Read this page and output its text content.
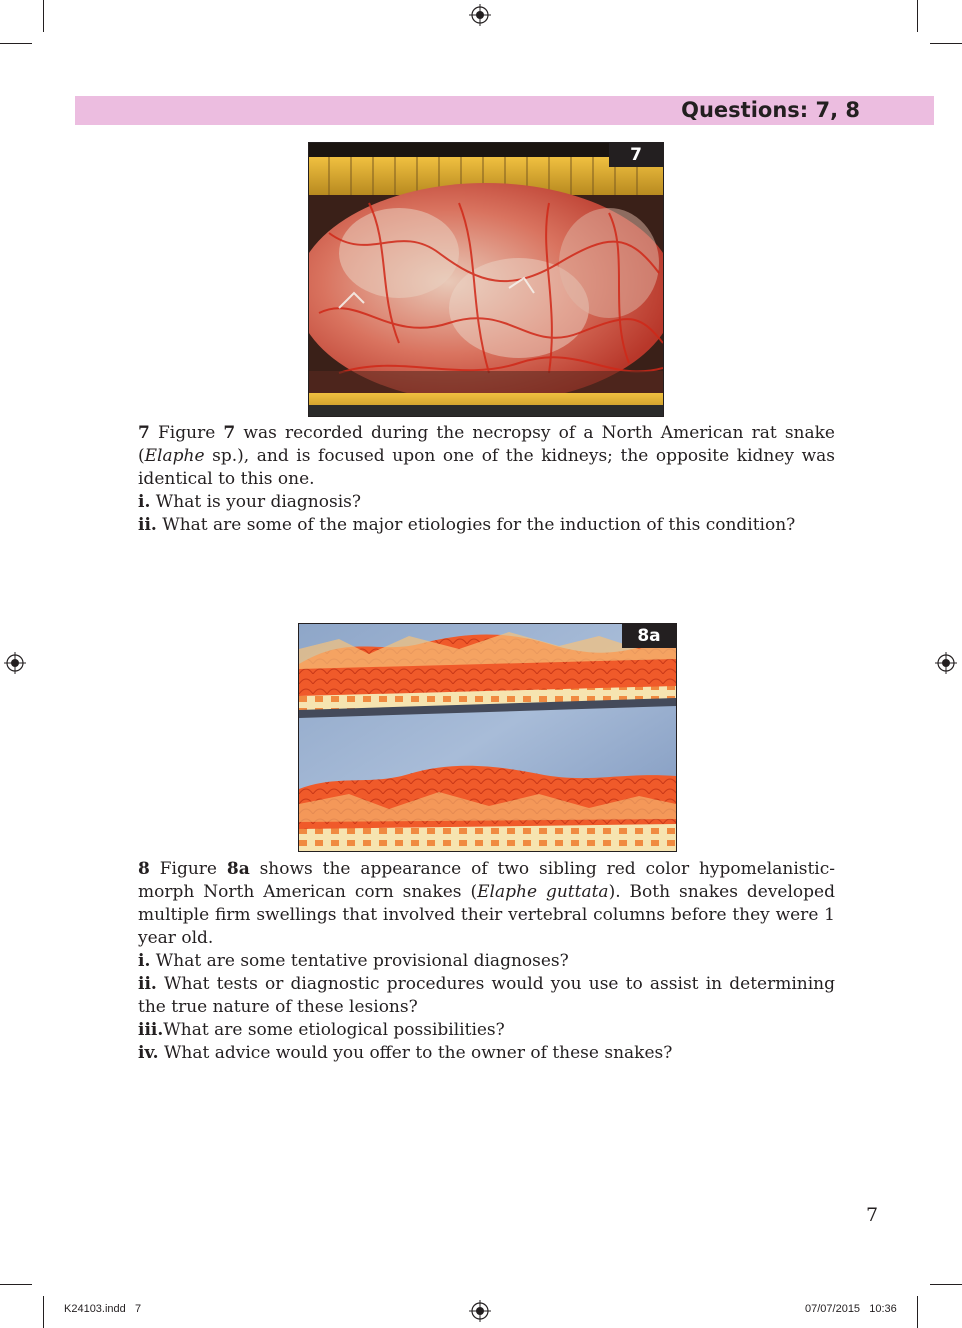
Questions: 7, 8
7

7 Figure 7 was recorded during the necropsy of a North American rat snake (Elaphe sp.), and is focused upon one of the kidneys; the opposite kidney was identical to this one.

i. What is your diagnosis?

ii. What are some of the major etiologies for the induction of this condition?

8a

8 Figure 8a shows the appearance of two sibling red color hypomelanistic-morph North American corn snakes (Elaphe guttata). Both snakes developed multiple firm swellings that involved their vertebral columns before they were 1 year old.

i. What are some tentative provisional diagnoses?

ii. What tests or diagnostic procedures would you use to assist in determining the true nature of these lesions?

iii.What are some etiological possibilities?

iv. What advice would you offer to the owner of these snakes?

7
K24103.indd   7	07/07/2015   10:36
